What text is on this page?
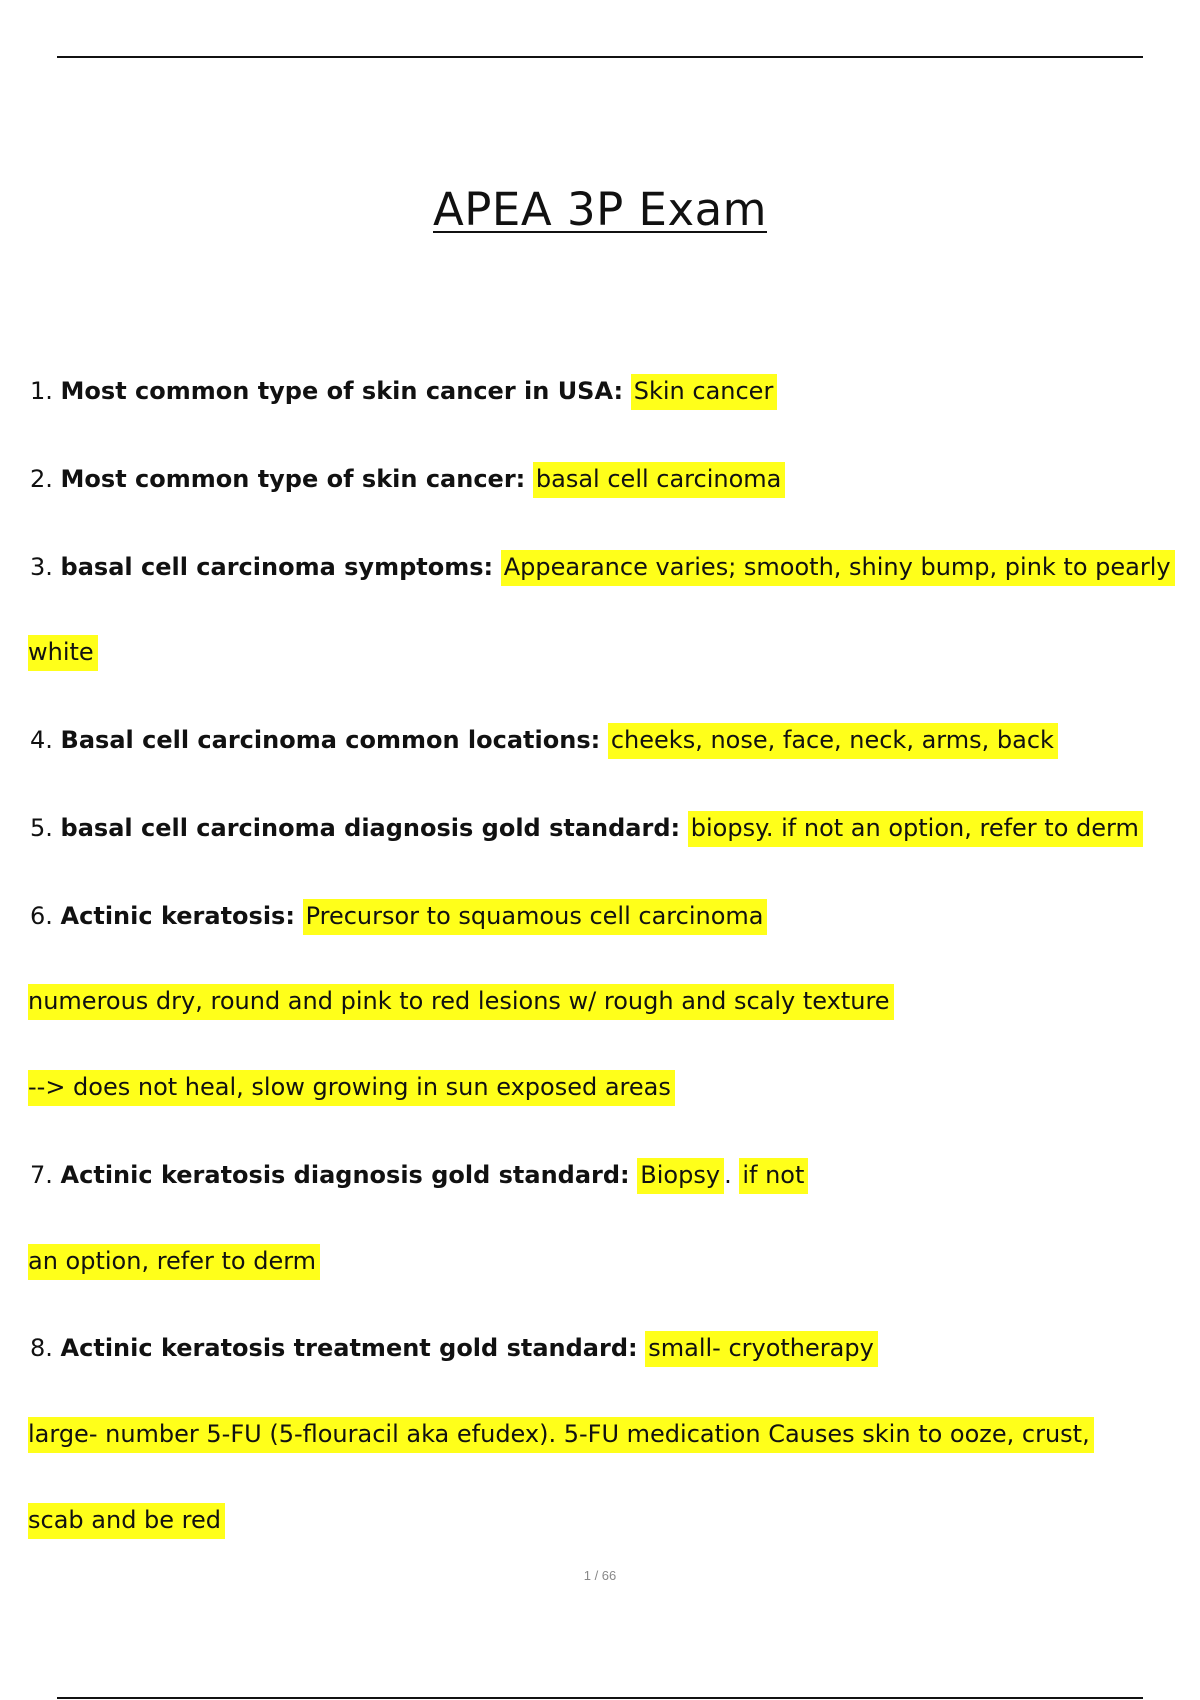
APEA 3P Exam
1. Most common type of skin cancer in USA: Skin cancer
2. Most common type of skin cancer: basal cell carcinoma
3. basal cell carcinoma symptoms: Appearance varies; smooth, shiny bump, pink to pearly
white
4. Basal cell carcinoma common locations: cheeks, nose, face, neck, arms, back
5. basal cell carcinoma diagnosis gold standard: biopsy. if not an option, refer to derm
6. Actinic keratosis: Precursor to squamous cell carcinoma
numerous dry, round and pink to red lesions w/ rough and scaly texture
--> does not heal, slow growing in sun exposed areas
7. Actinic keratosis diagnosis gold standard: Biopsy . if not
an option, refer to derm
8. Actinic keratosis treatment gold standard: small- cryotherapy
large- number 5-FU (5-flouracil aka efudex). 5-FU medication Causes skin to ooze, crust,
scab and be red
1 / 66
